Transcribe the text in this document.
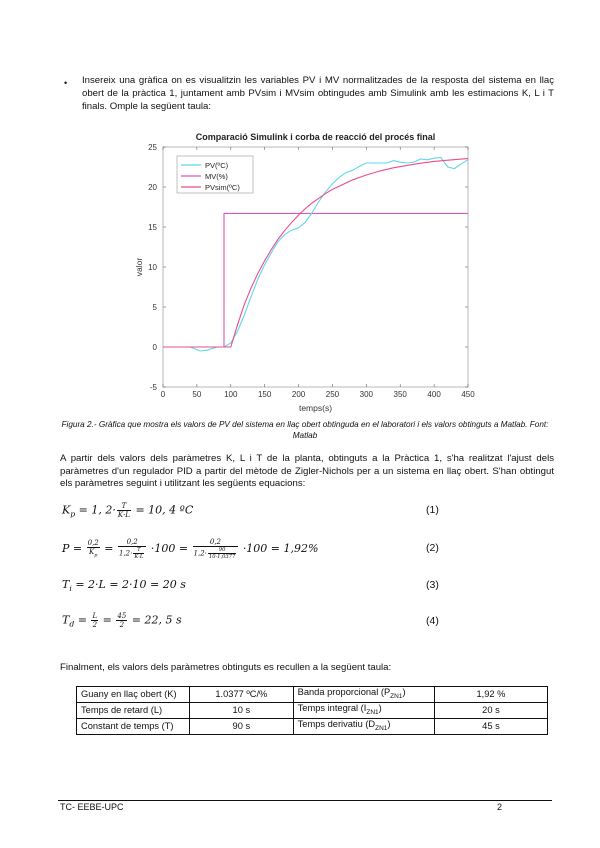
• Insereix una gràfica on es visualitzin les variables PV i MV normalitzades de la resposta del sistema en llaç obert de la pràctica 1, juntament amb PVsim i MVsim obtingudes amb Simulink amb les estimacions K, L i T finals. Omple la següent taula:
Comparació Simulink i corba de reacció del procés final
0	50	100	150	200	250	300	350	400	450
-5
0
5
10
15
20
25
temps(s)
valor
PV(ºC)
MV(%)
PVsim(ºC)
Figura 2.- Gràfica que mostra els valors de PV del sistema en llaç obert obtinguda en el laboratori i els valors obtinguts a Matlab. Font: Matlab
A partir dels valors dels paràmetres K, L i T de la planta, obtinguts a la Pràctica 1, s'ha realitzat l'ajust dels paràmetres d'un regulador PID a partir del mètode de Zigler-Nichols per a un sistema en llaç obert. S'han obtingut els paràmetres seguint i utilitzant les següents equacions:
$K_p = 1$, $2\cdot \frac{T}{K\cdot L} = 10$, 4 ºC	(1)
$P = \frac{0,2}{K_p} = \frac{0,2}{1,2\cdot \frac{T}{K\cdot L}} \cdot 100 = \frac{0,2}{1,2\cdot \frac{90}{10\cdot 1,0377}} \cdot 100 = 1,92\%$	(2)
$T_i = 2\cdot L = 2\cdot 10 = 20$ s	(3)
$T_d = \frac{L}{2} = \frac{45}{2} = 22$, 5 s	(4)
Finalment, els valors dels paràmetres obtinguts es recullen a la següent taula:
Guany en llaç obert (K)	1.0377 ºC/%	Banda proporcional $(P_{ZN1})$	1,92 %
Temps de retard (L)	10 s	Temps integral $(I_{ZN1})$	20 s
Constant de temps (T)	90 s	Temps derivatiu $(D_{ZN1})$	45 s
TC- EEBE-UPC	2
